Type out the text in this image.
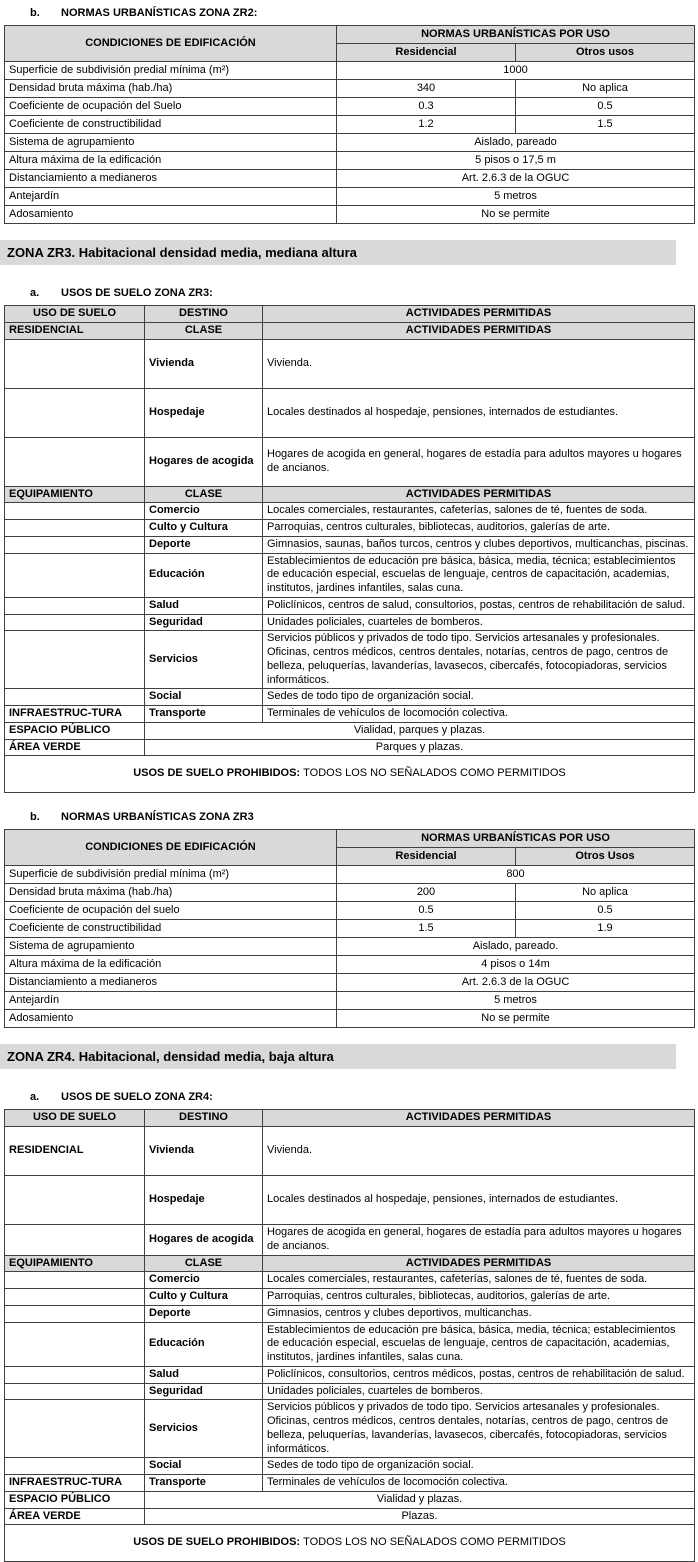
b.	NORMAS URBANÍSTICAS ZONA ZR2:
CONDICIONES DE EDIFICACIÓN	NORMAS URBANÍSTICAS POR USO	
	Residencial	Otros usos
Superficie de subdivisión predial mínima (m²)	1000	
Densidad bruta máxima (hab./ha)	340	No aplica
Coeficiente de ocupación del Suelo	0.3	0.5
Coeficiente de constructibilidad	1.2	1.5
Sistema de agrupamiento	Aislado, pareado	
Altura máxima de la edificación	5 pisos o 17,5 m	
Distanciamiento a medianeros	Art. 2.6.3 de la OGUC	
Antejardín	5 metros	
Adosamiento	No se permite	
ZONA ZR3. Habitacional densidad media, mediana altura
a.	USOS DE SUELO ZONA ZR3:
USO DE SUELO	DESTINO	ACTIVIDADES PERMITIDAS
RESIDENCIAL	CLASE	ACTIVIDADES PERMITIDAS
	Vivienda	Vivienda.
	Hospedaje	Locales destinados al hospedaje, pensiones, internados de estudiantes.
	Hogares de acogida	Hogares de acogida en general, hogares de estadía para adultos mayores u hogares de ancianos.
EQUIPAMIENTO	CLASE	ACTIVIDADES PERMITIDAS
	Comercio	Locales comerciales, restaurantes, cafeterías, salones de té, fuentes de soda.
	Culto y Cultura	Parroquias, centros culturales, bibliotecas, auditorios, galerías de arte.
	Deporte	Gimnasios, saunas, baños turcos, centros y clubes deportivos, multicanchas, piscinas.
	Educación	Establecimientos de educación pre básica, básica, media, técnica; establecimientos de educación especial, escuelas de lenguaje, centros de capacitación, academias, institutos, jardines infantiles, salas cuna.
	Salud	Policlínicos, centros de salud, consultorios, postas, centros de rehabilitación de salud.
	Seguridad	Unidades policiales, cuarteles de bomberos.
	Servicios	Servicios públicos y privados de todo tipo. Servicios artesanales y profesionales. Oficinas, centros médicos, centros dentales, notarías, centros de pago, centros de belleza, peluquerías, lavanderías, lavasecos, cibercafés, fotocopiadoras, servicios informáticos.
	Social	Sedes de todo tipo de organización social.
INFRAESTRUC-TURA	Transporte	Terminales de vehículos de locomoción colectiva.
ESPACIO PÚBLICO	Vialidad, parques y plazas.	
ÁREA VERDE	Parques y plazas.	
USOS DE SUELO PROHIBIDOS: TODOS LOS NO SEÑALADOS COMO PERMITIDOS		
b.	NORMAS URBANÍSTICAS ZONA ZR3
CONDICIONES DE EDIFICACIÓN	NORMAS URBANÍSTICAS POR USO	
	Residencial	Otros Usos
Superficie de subdivisión predial mínima (m²)	800	
Densidad bruta máxima (hab./ha)	200	No aplica
Coeficiente de ocupación del suelo	0.5	0.5
Coeficiente de constructibilidad	1.5	1.9
Sistema de agrupamiento	Aislado, pareado.	
Altura máxima de la edificación	4 pisos o 14m	
Distanciamiento a medianeros	Art. 2.6.3 de la OGUC	
Antejardín	5 metros	
Adosamiento	No se permite	
ZONA ZR4. Habitacional, densidad media, baja altura
a.	USOS DE SUELO ZONA ZR4:
USO DE SUELO	DESTINO	ACTIVIDADES PERMITIDAS
RESIDENCIAL	Vivienda	Vivienda.
	Hospedaje	Locales destinados al hospedaje, pensiones, internados de estudiantes.
	Hogares de acogida	Hogares de acogida en general, hogares de estadía para adultos mayores u hogares de ancianos.
EQUIPAMIENTO	CLASE	ACTIVIDADES PERMITIDAS
	Comercio	Locales comerciales, restaurantes, cafeterías, salones de té, fuentes de soda.
	Culto y Cultura	Parroquias, centros culturales, bibliotecas, auditorios, galerías de arte.
	Deporte	Gimnasios, centros y clubes deportivos, multicanchas.
	Educación	Establecimientos de educación pre básica, básica, media, técnica; establecimientos de educación especial, escuelas de lenguaje, centros de capacitación, academias, institutos, jardines infantiles, salas cuna.
	Salud	Policlínicos, consultorios, centros médicos, postas, centros de rehabilitación de salud.
	Seguridad	Unidades policiales, cuarteles de bomberos.
	Servicios	Servicios públicos y privados de todo tipo. Servicios artesanales y profesionales. Oficinas, centros médicos, centros dentales, notarías, centros de pago, centros de belleza, peluquerías, lavanderías, lavasecos, cibercafés, fotocopiadoras, servicios informáticos.
	Social	Sedes de todo tipo de organización social.
INFRAESTRUC-TURA	Transporte	Terminales de vehículos de locomoción colectiva.
ESPACIO PÚBLICO	Vialidad y plazas.	
ÁREA VERDE	Plazas.	
USOS DE SUELO PROHIBIDOS: TODOS LOS NO SEÑALADOS COMO PERMITIDOS		
